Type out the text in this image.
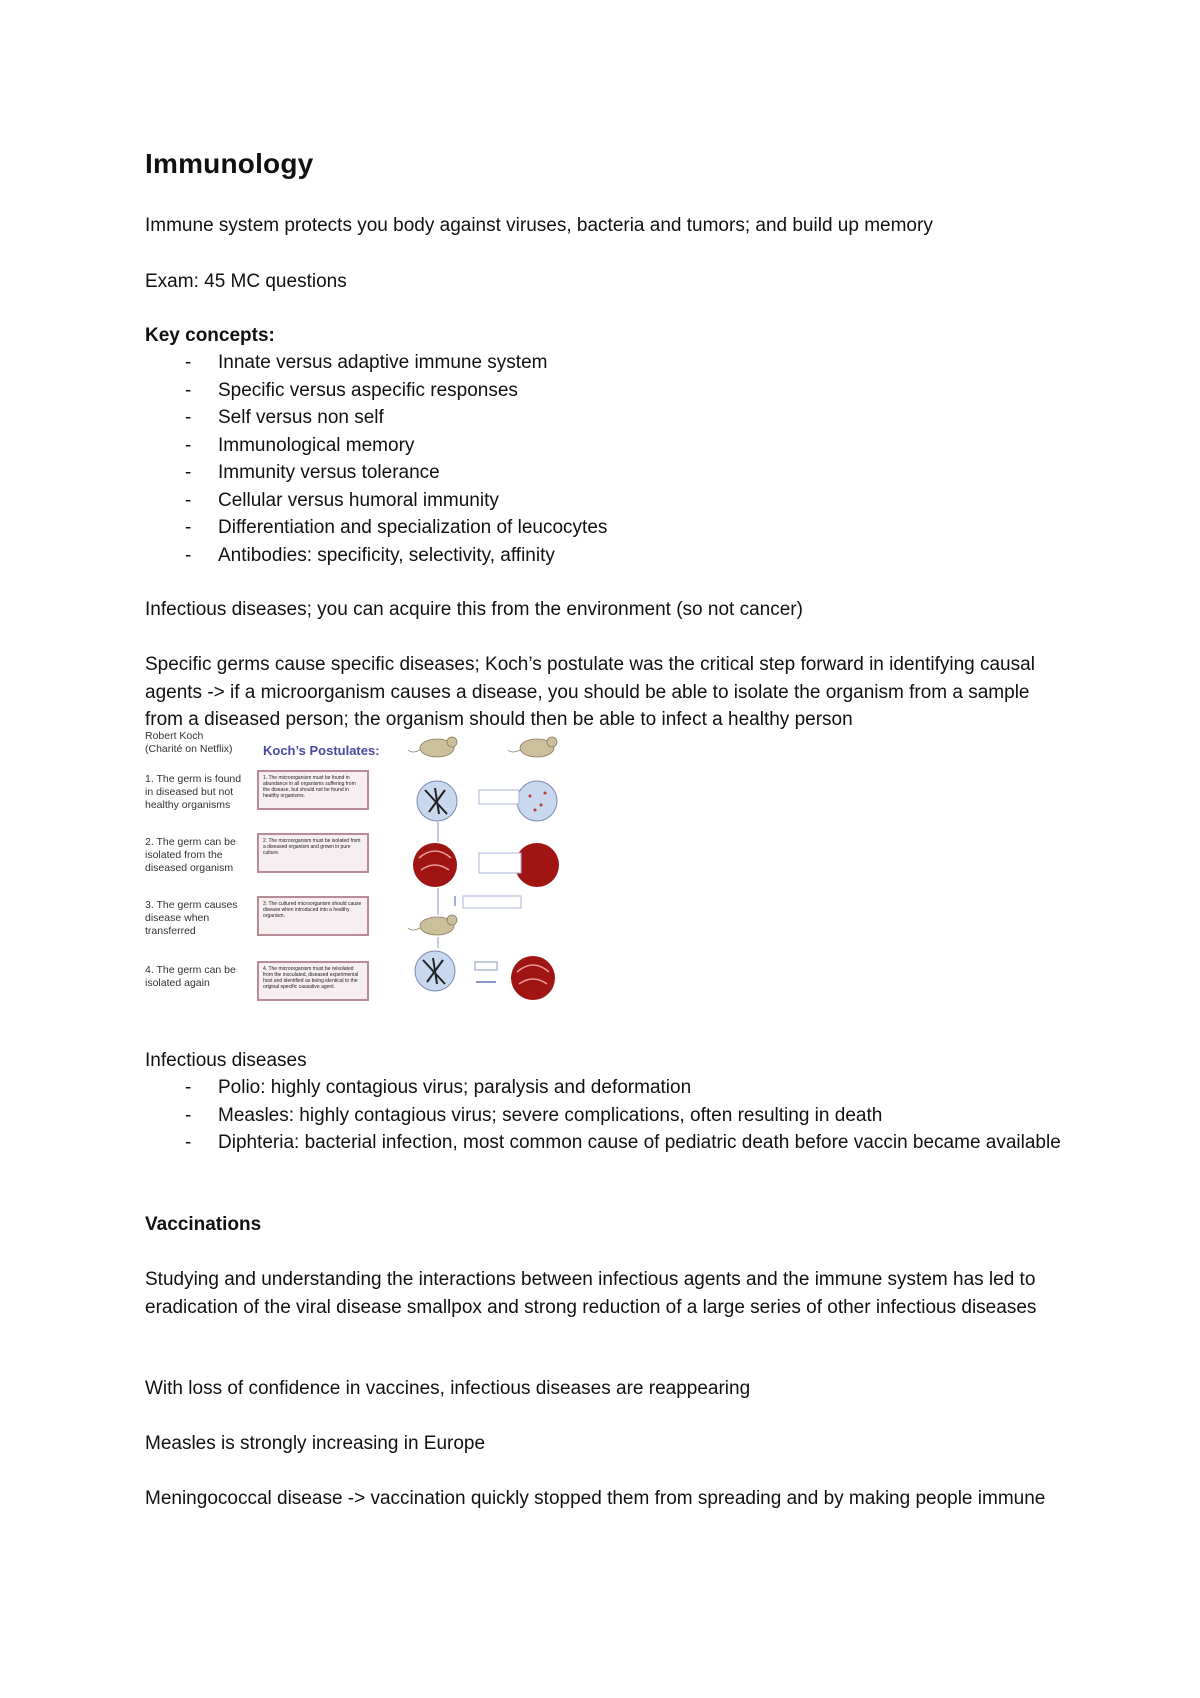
Immunology

Immune system protects you body against viruses, bacteria and tumors; and build up memory

Exam: 45 MC questions

Key concepts:

- Innate versus adaptive immune system
- Specific versus aspecific responses
- Self versus non self
- Immunological memory
- Immunity versus tolerance
- Cellular versus humoral immunity
- Differentiation and specialization of leucocytes
- Antibodies: specificity, selectivity, affinity

Infectious diseases; you can acquire this from the environment (so not cancer)

Specific germs cause specific diseases; Koch’s postulate was the critical step forward in identifying causal agents -> if a microorganism causes a disease, you should be able to isolate the organism from a sample from a diseased person; the organism should then be able to infect a healthy person

Infectious diseases

- Polio: highly contagious virus; paralysis and deformation
- Measles: highly contagious virus; severe complications, often resulting in death
- Diphteria: bacterial infection, most common cause of pediatric death before vaccin became available

Vaccinations

Studying and understanding the interactions between infectious agents and the immune system has led to eradication of the viral disease smallpox and strong reduction of a large series of other infectious diseases

With loss of confidence in vaccines, infectious diseases are reappearing

Measles is strongly increasing in Europe

Meningococcal disease -> vaccination quickly stopped them from spreading and by making people immune

Robert Koch
(Charité on Netflix) Koch’s Postulates:
1. The germ is found
in diseased but not
healthy organisms
1. The microorganism must be found in abundance in all organisms suffering from the disease, but should not be found in healthy organisms.
2. The germ can be
isolated from the
diseased organism
2. The microorganism must be isolated from a diseased organism and grown in pure culture.
3. The germ causes
disease when
transferred
3. The cultured microorganism should cause disease when introduced into a healthy organism.
4. The germ can be
isolated again
4. The microorganism must be reisolated from the inoculated, diseased experimental host and identified as being identical to the original specific causative agent.
